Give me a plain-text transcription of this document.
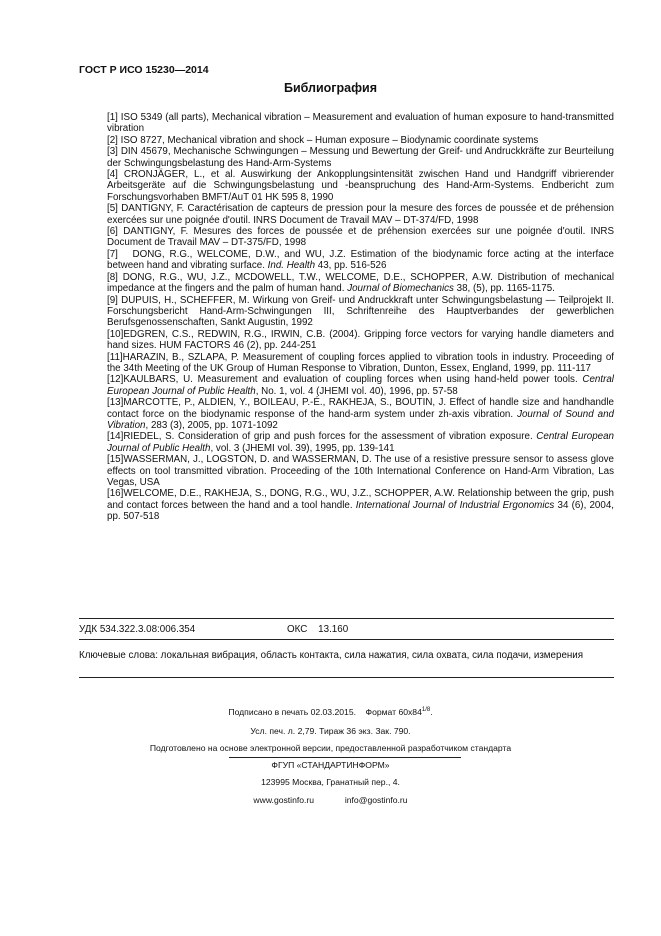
ГОСТ Р ИСО 15230—2014
Библиография

[1] ISO 5349 (all parts), Mechanical vibration – Measurement and evaluation of human exposure to hand-transmitted vibration

[2] ISO 8727, Mechanical vibration and shock – Human exposure – Biodynamic coordinate systems

[3] DIN 45679, Mechanische Schwingungen – Messung und Bewertung der Greif- und Andruckkräfte zur Beurteilung der Schwingungsbelastung des Hand-Arm-Systems

[4] CRONJÄGER, L., et al. Auswirkung der Ankopplungsintensität zwischen Hand und Handgriff vibrierender Arbeitsgeräte auf die Schwingungsbelastung und -beanspruchung des Hand-Arm-Systems. Endbericht zum Forschungsvorhaben BMFT/AuT 01 HK 595 8, 1990

[5] DANTIGNY, F. Caractérisation de capteurs de pression pour la mesure des forces de poussée et de préhension exercées sur une poignée d'outil. INRS Document de Travail MAV – DT-374/FD, 1998

[6] DANTIGNY, F. Mesures des forces de poussée et de préhension exercées sur une poignée d'outil. INRS Document de Travail MAV – DT-375/FD, 1998

[7]   DONG, R.G., WELCOME, D.W., and WU, J.Z. Estimation of the biodynamic force acting at the interface between hand and vibrating surface. Ind. Health 43, pp. 516-526

[8] DONG, R.G., WU, J.Z., MCDOWELL, T.W., WELCOME, D.E., SCHOPPER, A.W. Distribution of mechanical impedance at the fingers and the palm of human hand. Journal of Biomechanics 38, (5), pp. 1165-1175.

[9] DUPUIS, H., SCHEFFER, M. Wirkung von Greif- und Andruckkraft unter Schwingungsbelastung — Teilprojekt II. Forschungsbericht Hand-Arm-Schwingungen III, Schriftenreihe des Hauptverbandes der gewerblichen Berufsgenossenschaften, Sankt Augustin, 1992

[10]EDGREN, C.S., REDWIN, R.G., IRWIN, C.B. (2004). Gripping force vectors for varying handle diameters and hand sizes. HUM FACTORS 46 (2), pp. 244-251

[11]HARAZIN, B., SZLAPA, P. Measurement of coupling forces applied to vibration tools in industry. Proceeding of the 34th Meeting of the UK Group of Human Response to Vibration, Dunton, Essex, England, 1999, pp. 111-117

[12]KAULBARS, U. Measurement and evaluation of coupling forces when using hand-held power tools. Central European Journal of Public Health, No. 1, vol. 4 (JHEMI vol. 40), 1996, pp. 57-58

[13]MARCOTTE, P., ALDIEN, Y., BOILEAU, P.-É., RAKHEJA, S., BOUTIN, J. Effect of handle size and handhandle contact force on the biodynamic response of the hand-arm system under zh-axis vibration. Journal of Sound and Vibration, 283 (3), 2005, pp. 1071-1092

[14]RIEDEL, S. Consideration of grip and push forces for the assessment of vibration exposure. Central European Journal of Public Health, vol. 3 (JHEMI vol. 39), 1995, pp. 139-141

[15]WASSERMAN, J., LOGSTON, D. and WASSERMAN, D. The use of a resistive pressure sensor to assess glove effects on tool transmitted vibration. Proceeding of the 10th International Conference on Hand-Arm Vibration, Las Vegas, USA

[16]WELCOME, D.E., RAKHEJA, S., DONG, R.G., WU, J.Z., SCHOPPER, A.W. Relationship between the grip, push and contact forces between the hand and a tool handle. International Journal of Industrial Ergonomics 34 (6), 2004, pp. 507-518

УДК 534.322.3.08:006.354	ОКС    13.160
Ключевые слова: локальная вибрация, область контакта, сила нажатия, сила охвата, сила подачи, измерения
Подписано в печать 02.03.2015.    Формат $60x84^{1/8}$.
Усл. печ. л. 2,79. Тираж 36 экз. Зак. 790.
Подготовлено на основе электронной версии, предоставленной разработчиком стандарта
ФГУП «СТАНДАРТИНФОРМ»
123995 Москва, Гранатный пер., 4.
www.gostinfo.ru	info@gostinfo.ru
